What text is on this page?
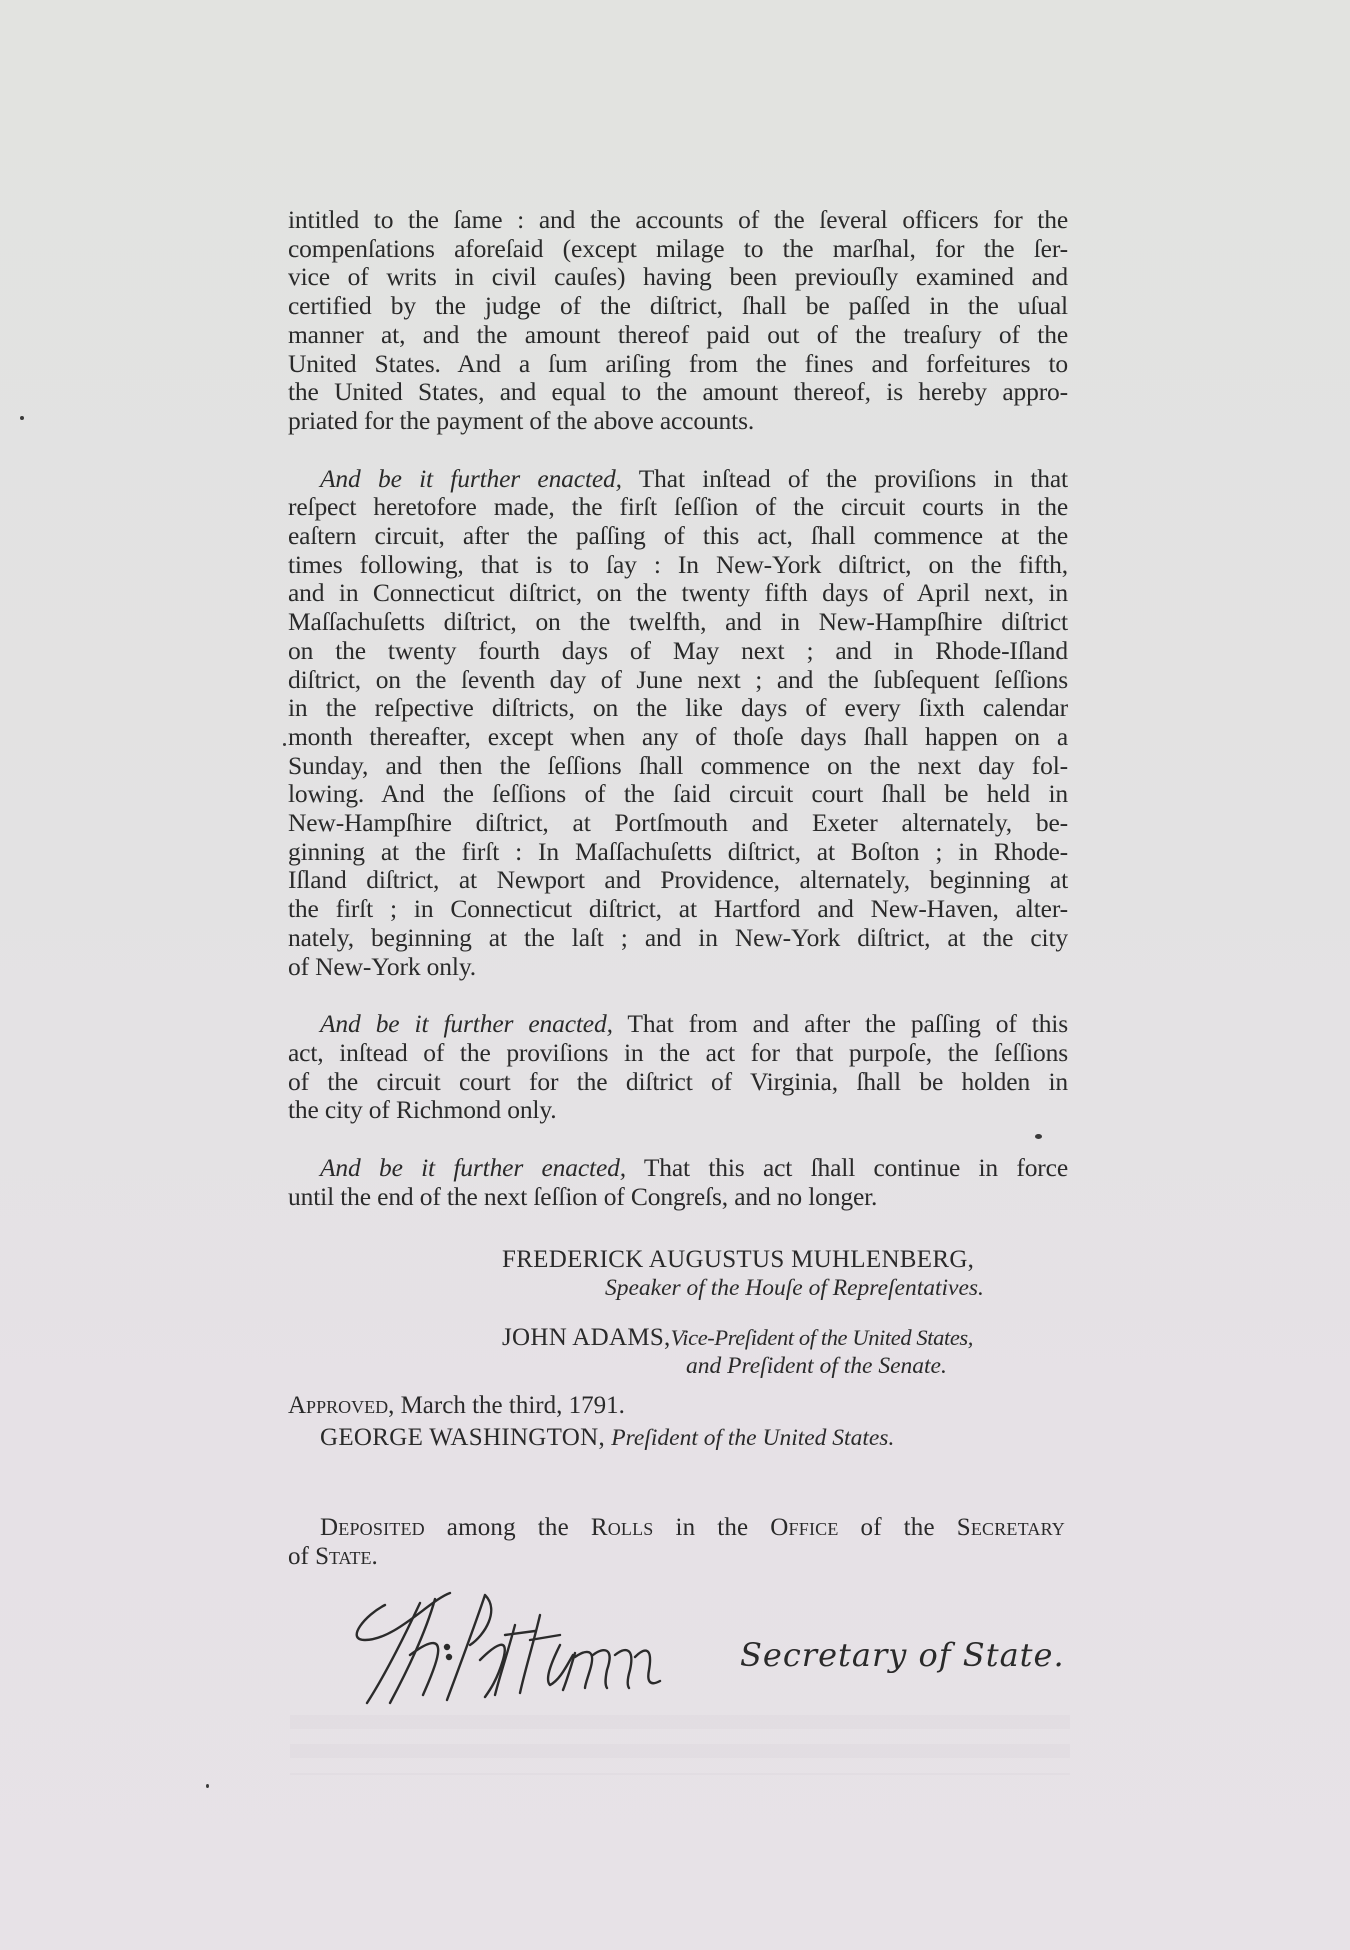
intitled to the ſame : and the accounts of the ſeveral officers for the
compenſations aforeſaid (except milage to the marſhal, for the ſer-
vice of writs in civil cauſes) having been previouſly examined and
certified by the judge of the diſtrict, ſhall be paſſed in the uſual
manner at, and the amount thereof paid out of the treaſury of the
United States. And a ſum ariſing from the fines and forfeitures to
the United States, and equal to the amount thereof, is hereby appro-
priated for the payment of the above accounts.

And be it further enacted, That inſtead of the proviſions in that
reſpect heretofore made, the firſt ſeſſion of the circuit courts in the
eaſtern circuit, after the paſſing of this act, ſhall commence at the
times following, that is to ſay : In New-York diſtrict, on the fifth,
and in Connecticut diſtrict, on the twenty fifth days of April next, in
Maſſachuſetts diſtrict, on the twelfth, and in New-Hampſhire diſtrict
on the twenty fourth days of May next ; and in Rhode-Iſland
diſtrict, on the ſeventh day of June next ; and the ſubſequent ſeſſions
in the reſpective diſtricts, on the like days of every ſixth calendar
month thereafter, except when any of thoſe days ſhall happen on a
Sunday, and then the ſeſſions ſhall commence on the next day fol-
lowing. And the ſeſſions of the ſaid circuit court ſhall be held in
New-Hampſhire diſtrict, at Portſmouth and Exeter alternately, be-
ginning at the firſt : In Maſſachuſetts diſtrict, at Boſton ; in Rhode-
Iſland diſtrict, at Newport and Providence, alternately, beginning at
the firſt ; in Connecticut diſtrict, at Hartford and New-Haven, alter-
nately, beginning at the laſt ; and in New-York diſtrict, at the city
of New-York only.

And be it further enacted, That from and after the paſſing of this
act, inſtead of the proviſions in the act for that purpoſe, the ſeſſions
of the circuit court for the diſtrict of Virginia, ſhall be holden in
the city of Richmond only.

And be it further enacted, That this act ſhall continue in force
until the end of the next ſeſſion of Congreſs, and no longer.

FREDERICK AUGUSTUS MUHLENBERG,
Speaker of the Houſe of Repreſentatives.
JOHN ADAMS,Vice-Preſident of the United States,
and Preſident of the Senate.
Approved, March the third, 1791.
GEORGE WASHINGTON, Preſident of the United States.
Deposited among the Rolls in the Office of the Secretary
of State.
Secretary of State.
